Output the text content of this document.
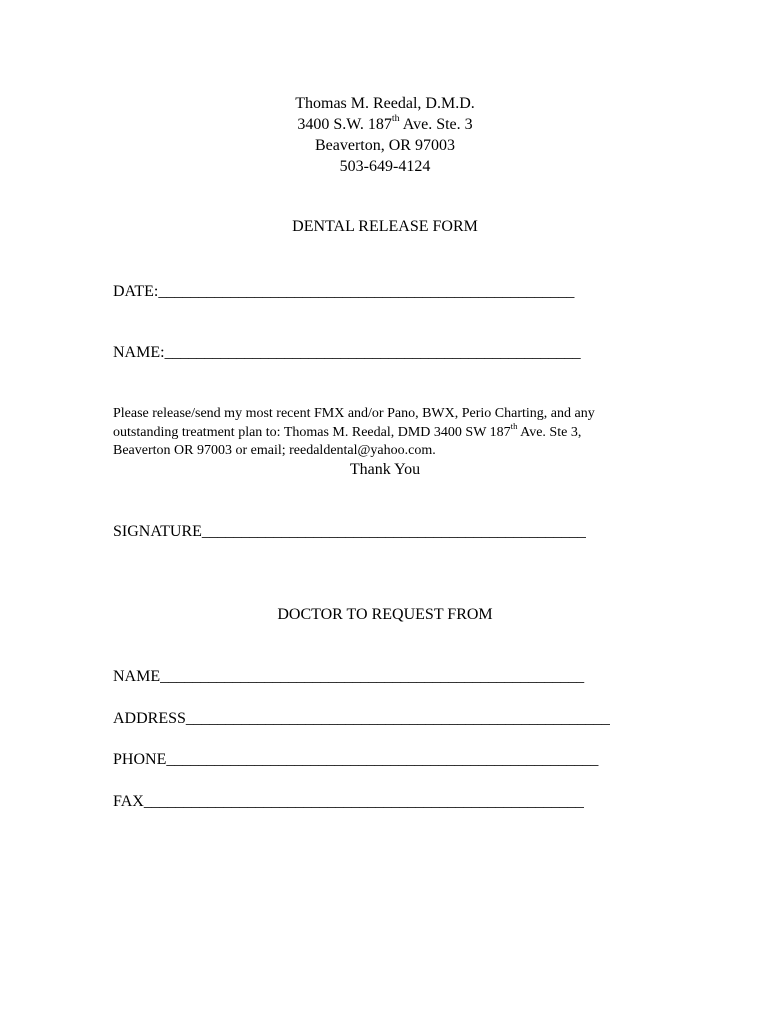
Thomas M. Reedal, D.M.D.
3400 S.W. 187th Ave. Ste. 3
Beaverton, OR 97003
503-649-4124
DENTAL RELEASE FORM
DATE:____________________________________________________
NAME:____________________________________________________
Please release/send my most recent FMX and/or Pano, BWX, Perio Charting, and any
outstanding treatment plan to: Thomas M. Reedal, DMD 3400 SW 187th Ave. Ste 3,
Beaverton OR 97003 or email; reedaldental@yahoo.com.
Thank You
SIGNATURE________________________________________________
DOCTOR TO REQUEST FROM
NAME_____________________________________________________
ADDRESS_____________________________________________________
PHONE______________________________________________________
FAX_______________________________________________________
